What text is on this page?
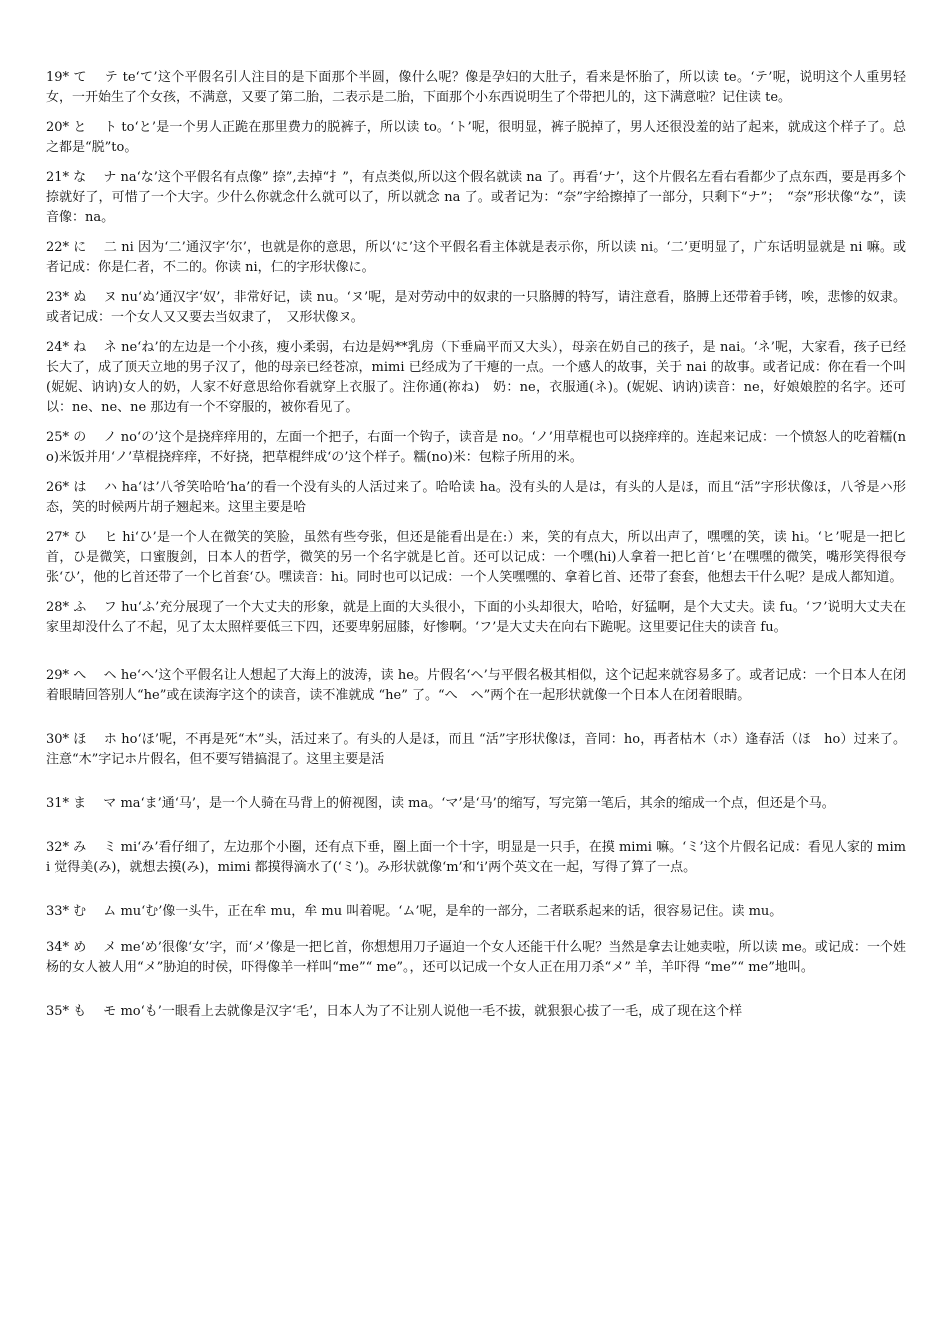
19* て　 テ te‘て’这个平假名引人注目的是下面那个半圆，像什么呢？像是孕妇的大肚子，看来是怀胎了，所以读 te。‘テ’呢，说明这个人重男轻女，一开始生了个女孩，不满意，又要了第二胎，二表示是二胎，下面那个小东西说明生了个带把儿的，这下满意啦？记住读 te。

20* と　 ト to‘と’是一个男人正跪在那里费力的脱裤子，所以读 to。‘ト’呢，很明显，裤子脱掉了，男人还很没羞的站了起来，就成这个样子了。总之都是“脱”to。

21* な　 ナ na‘な’这个平假名有点像” 捺”,去掉“扌”，有点类似,所以这个假名就读 na 了。再看‘ナ’，这个片假名左看右看都少了点东西，要是再多个捺就好了，可惜了一个大字。少什么你就念什么就可以了，所以就念 na 了。或者记为：“奈”字给擦掉了一部分，只剩下“ナ”；　“奈”形状像“な”，读音像：na。

22* に　 二 ni 因为‘二’通汉字‘尔’，也就是你的意思，所以‘に’这个平假名看主体就是表示你，所以读 ni。‘二’更明显了，广东话明显就是 ni 嘛。或者记成：你是仁者，不二的。你读 ni，仁的字形状像に。

23* ぬ　 ヌ nu‘ぬ’通汉字‘奴’，非常好记，读 nu。‘ヌ’呢，是对劳动中的奴隶的一只胳膊的特写，请注意看，胳膊上还带着手铐，唉，悲惨的奴隶。或者记成：一个女人又又要去当奴隶了，　又形状像ヌ。

24* ね　 ネ ne‘ね’的左边是一个小孩，瘦小柔弱，右边是妈**乳房（下垂扁平而又大头），母亲在奶自己的孩子，是 nai。‘ネ’呢，大家看，孩子已经长大了，成了顶天立地的男子汉了，他的母亲已经苍凉，mimi 已经成为了干瘪的一点。一个感人的故事，关于 nai 的故事。或者记成：你在看一个叫(妮妮、讷讷)女人的奶，人家不好意思给你看就穿上衣服了。注你通(祢ね)　奶：ne，衣服通(ネ)。(妮妮、讷讷)读音：ne，好娘娘腔的名字。还可以：ne、ne、ne 那边有一个不穿服的，被你看见了。

25* の　 ノ no‘の’这个是挠痒痒用的，左面一个把子，右面一个钩子，读音是 no。‘ノ’用草棍也可以挠痒痒的。连起来记成：一个愤怒人的吃着糯(no)米饭并用‘ノ’草棍挠痒痒，不好挠，把草棍绊成‘の’这个样子。糯(no)米：包粽子所用的米。

26* は　 ハ ha‘は’八爷笑哈哈‘ha’的看一个没有头的人活过来了。哈哈读 ha。没有头的人是は，有头的人是ほ，而且“活”字形状像ほ，八爷是ハ形态，笑的时候两片胡子翘起来。这里主要是哈

27* ひ　 ヒ hi‘ひ’是一个人在微笑的笑脸，虽然有些夸张，但还是能看出是在:）来，笑的有点大，所以出声了，嘿嘿的笑，读 hi。‘ヒ’呢是一把匕首，ひ是微笑，口蜜腹剑，日本人的哲学，微笑的另一个名字就是匕首。还可以记成：一个嘿(hi)人拿着一把匕首‘ヒ’在嘿嘿的微笑，嘴形笑得很夸张‘ひ’，他的匕首还带了一个匕首套‘ひ。嘿读音：hi。同时也可以记成：一个人笑嘿嘿的、拿着匕首、还带了套套，他想去干什么呢？是成人都知道。

28* ふ　 フ hu‘ふ’充分展现了一个大丈夫的形象，就是上面的大头很小，下面的小头却很大，哈哈，好猛啊，是个大丈夫。读 fu。‘フ’说明大丈夫在家里却没什么了不起，见了太太照样要低三下四，还要卑躬屈膝，好惨啊。‘フ’是大丈夫在向右下跪呢。这里要记住夫的读音 fu。

29* へ　 ヘ he‘へ’这个平假名让人想起了大海上的波涛，读 he。片假名‘ヘ’与平假名极其相似，这个记起来就容易多了。或者记成：一个日本人在闭着眼睛回答别人“he”或在读海字这个的读音，读不准就成 “he” 了。“へ　ヘ”两个在一起形状就像一个日本人在闭着眼睛。

30* ほ　 ホ ho‘ほ’呢，不再是死“木”头，活过来了。有头的人是ほ，而且 “活”字形状像ほ，音同：ho，再者枯木（ホ）逢春活（ほ　ho）过来了。注意“木”字记ホ片假名，但不要写错搞混了。这里主要是活

31* ま　 マ ma‘ま’通‘马’，是一个人骑在马背上的俯视图，读 ma。‘マ’是‘马’的缩写，写完第一笔后，其余的缩成一个点，但还是个马。

32* み　 ミ mi‘み’看仔细了，左边那个小圈，还有点下垂，圈上面一个十字，明显是一只手，在摸 mimi 嘛。‘ミ’这个片假名记成：看见人家的 mimi 觉得美(み)，就想去摸(み)，mimi 都摸得滴水了(‘ミ’)。み形状就像‘m’和‘i’两个英文在一起，写得了算了一点。

33* む　 ム mu‘む’像一头牛，正在牟 mu，牟 mu 叫着呢。‘ム’呢，是牟的一部分，二者联系起来的话，很容易记住。读 mu。

34* め　 メ me‘め’很像‘女’字，而‘メ’像是一把匕首，你想想用刀子逼迫一个女人还能干什么呢？当然是拿去让她卖啦，所以读 me。或记成：一个姓杨的女人被人用“メ”胁迫的时侯，吓得像羊一样叫“me”“ me”。，还可以记成一个女人正在用刀杀“メ” 羊，羊吓得 “me”“ me”地叫。

35* も　 モ mo‘も’一眼看上去就像是汉字‘毛’，日本人为了不让别人说他一毛不拔，就狠狠心拔了一毛，成了现在这个样
